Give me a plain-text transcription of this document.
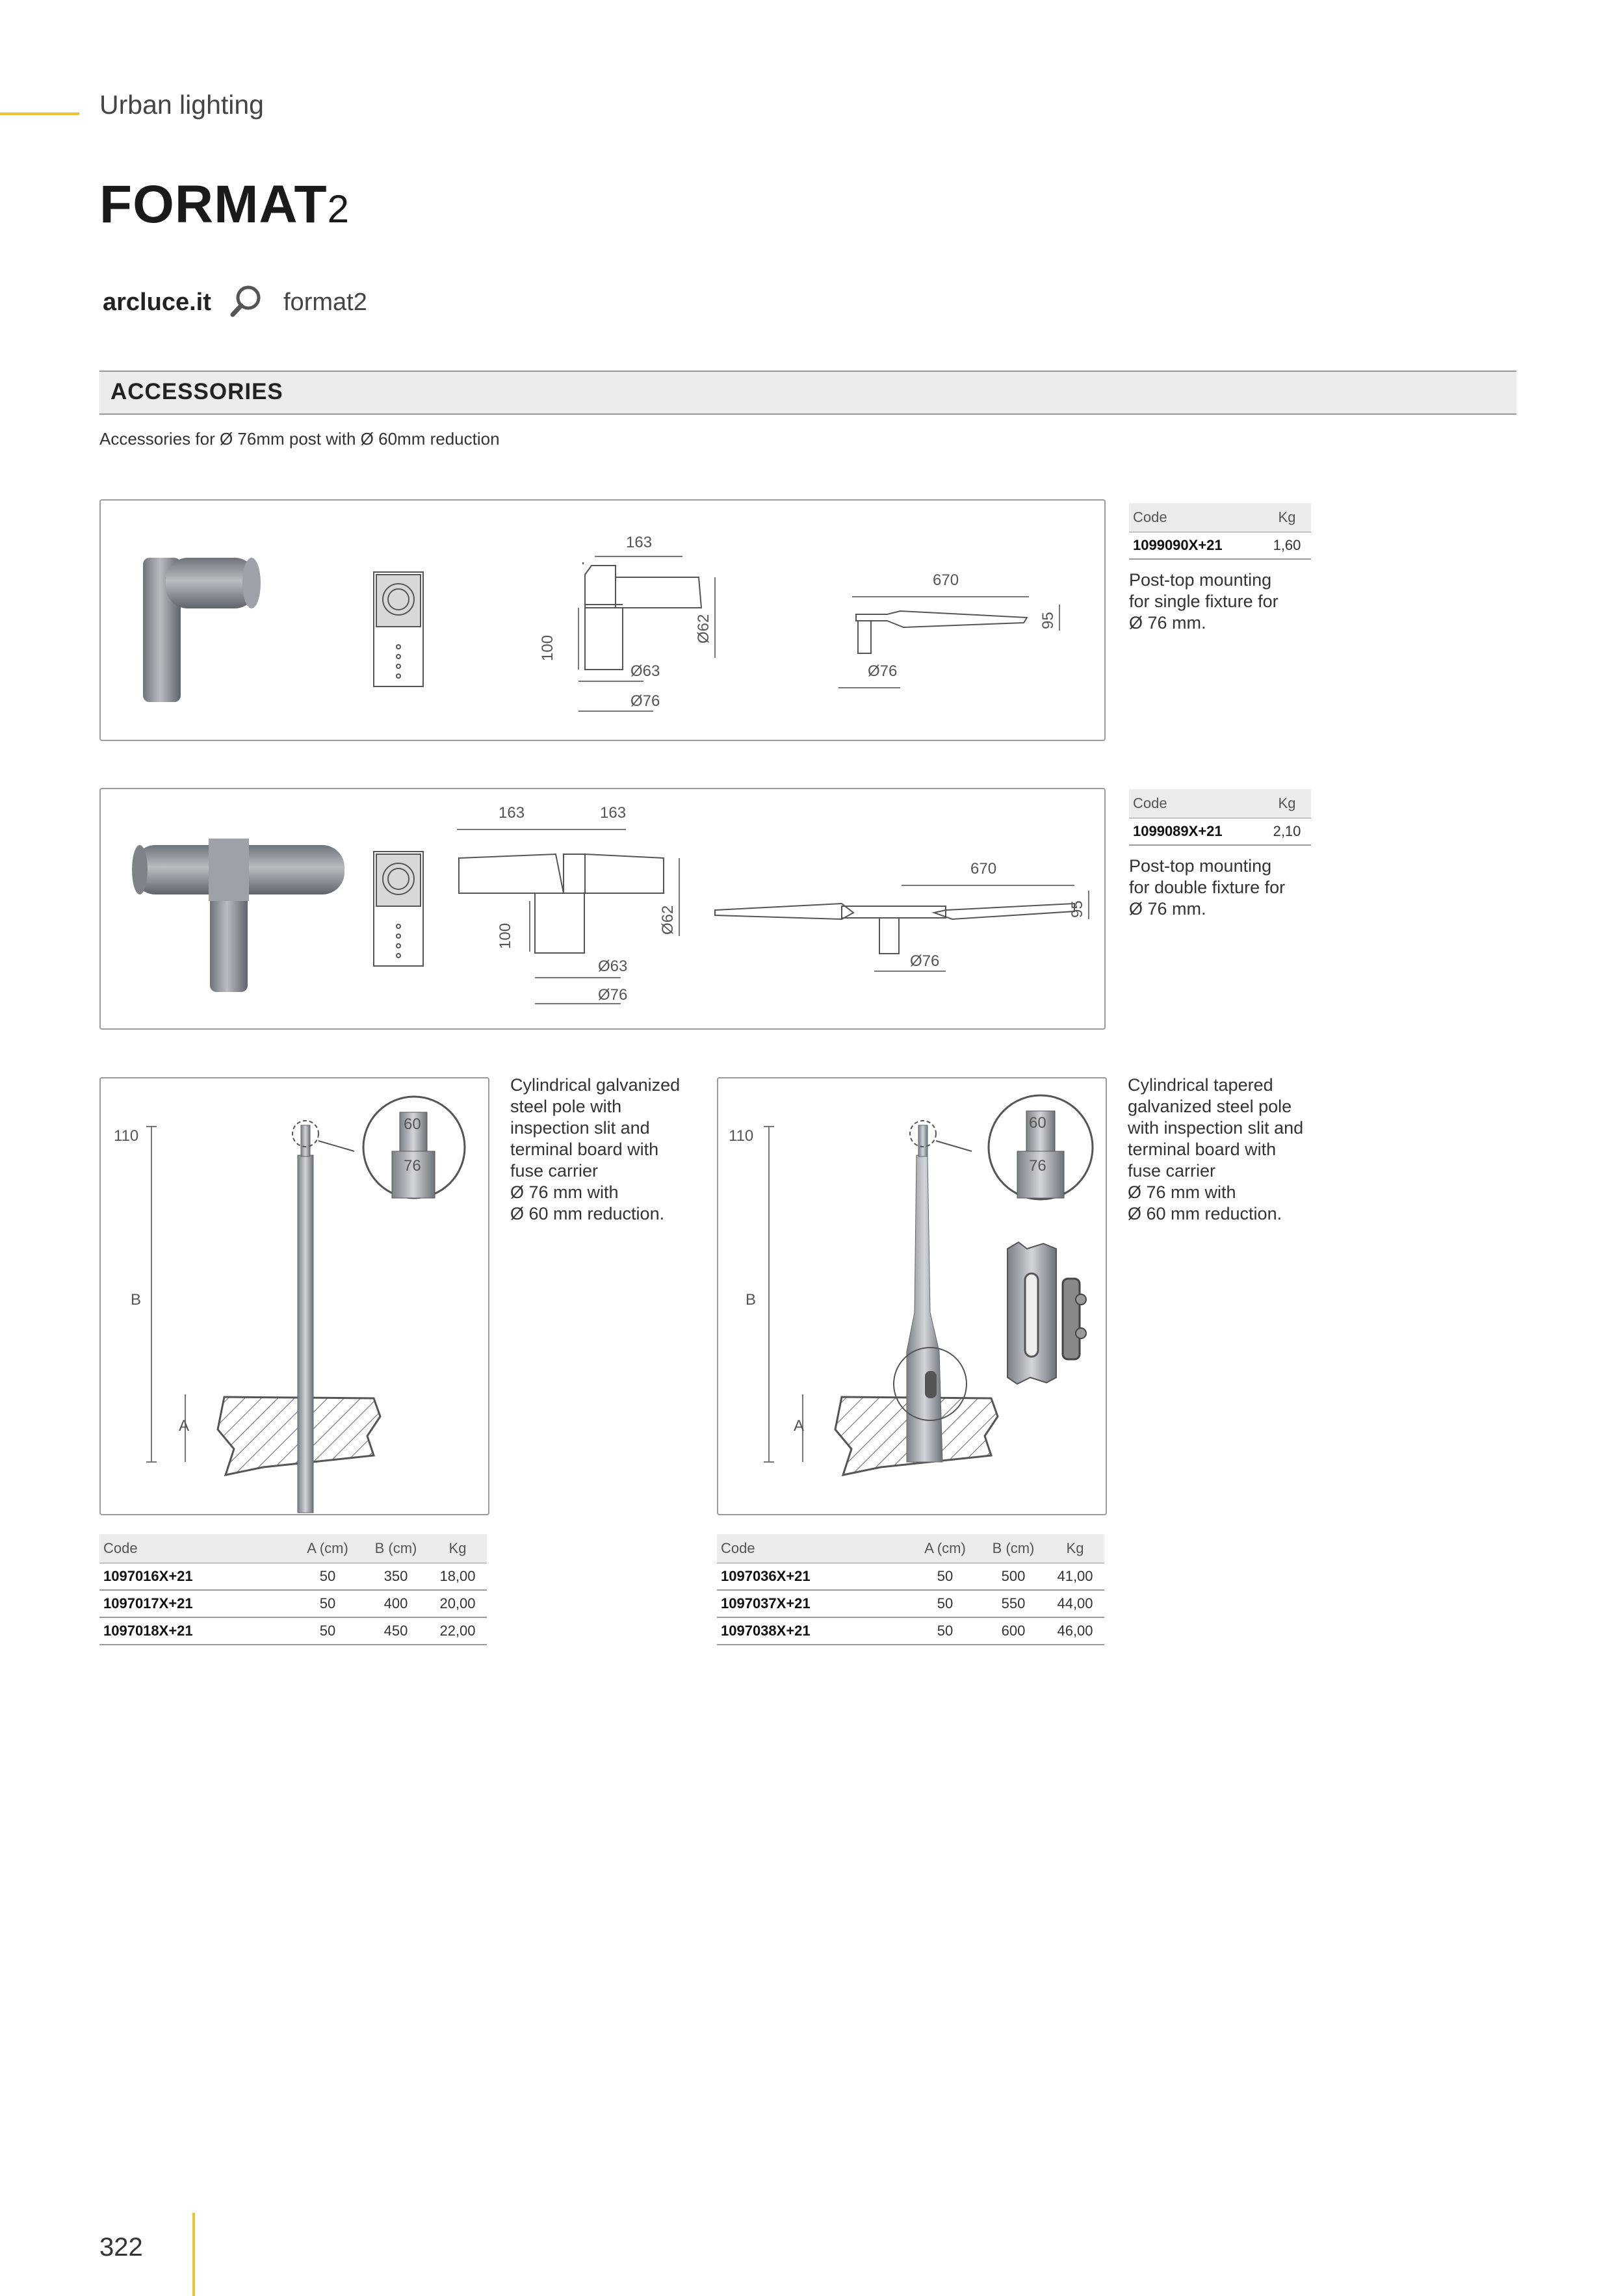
Urban lighting
FORMAT2
arcluce.it	format2
ACCESSORIES
Accessories for Ø 76mm post with Ø 60mm reduction
163
100
Ø62
Ø63
Ø76
670
95
Ø76
Code	Kg
1099090X+21	1,60
Post-top mounting
for single fixture for
Ø 76 mm.
163	163
100
Ø62
Ø63
Ø76
670
95
Ø76
Code	Kg
1099089X+21	2,10
Post-top mounting
for double fixture for
Ø 76 mm.
60
76
110
B
A
Cylindrical galvanized
steel pole with
inspection slit and
terminal board with
fuse carrier
Ø 76 mm with
Ø 60 mm reduction.
60
76
110
B
A
Cylindrical tapered
galvanized steel pole
with inspection slit and
terminal board with
fuse carrier
Ø 76 mm with
Ø 60 mm reduction.
Code	A (cm)	B (cm)	Kg
1097016X+21	50	350	18,00
1097017X+21	50	400	20,00
1097018X+21	50	450	22,00
Code	A (cm)	B (cm)	Kg
1097036X+21	50	500	41,00
1097037X+21	50	550	44,00
1097038X+21	50	600	46,00
322
